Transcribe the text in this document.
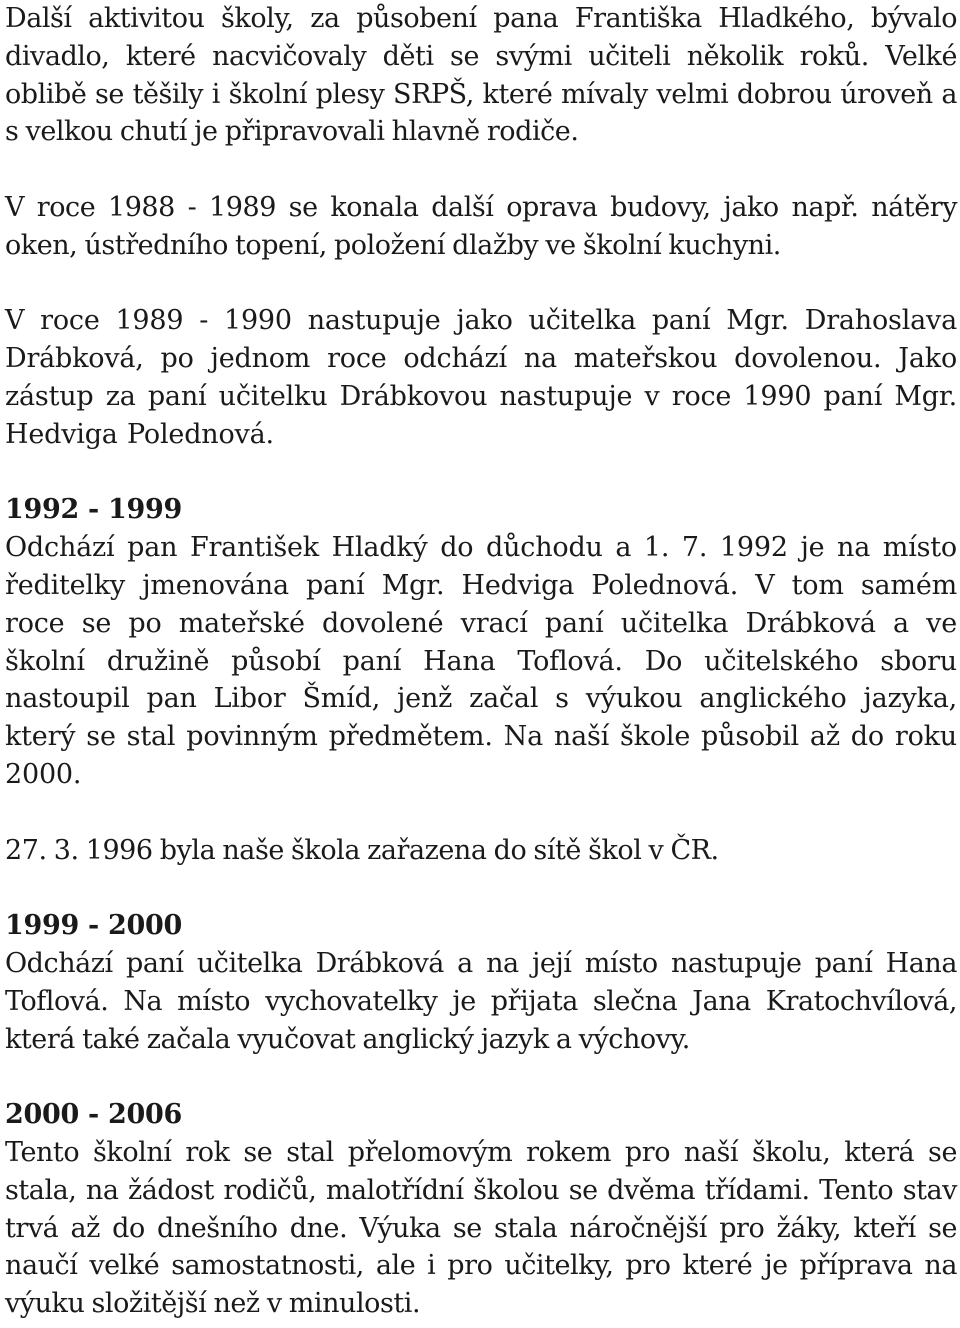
Další aktivitou školy, za působení pana Františka Hladkého, bývalo divadlo, které nacvičovaly děti se svými učiteli několik roků. Velké oblibě se těšily i školní plesy SRPŠ, které mívaly velmi dobrou úroveň a s velkou chutí je připravovali hlavně rodiče.

V roce 1988 - 1989 se konala další oprava budovy, jako např. nátěry oken, ústředního topení, položení dlažby ve školní kuchyni.

V roce 1989 - 1990 nastupuje jako učitelka paní Mgr. Drahoslava Drábková, po jednom roce odchází na mateřskou dovolenou. Jako zástup za paní učitelku Drábkovou nastupuje v roce 1990 paní Mgr. Hedviga Polednová.

1992 - 1999

Odchází pan František Hladký do důchodu a 1. 7. 1992 je na místo ředitelky jmenována paní Mgr. Hedviga Polednová. V tom samém roce se po mateřské dovolené vrací paní učitelka Drábková a ve školní družině působí paní Hana Toflová. Do učitelského sboru nastoupil pan Libor Šmíd, jenž začal s výukou anglického jazyka, který se stal povinným předmětem. Na naší škole působil až do roku 2000.

27. 3. 1996 byla naše škola zařazena do sítě škol v ČR.

1999 - 2000

Odchází paní učitelka Drábková a na její místo nastupuje paní Hana Toflová. Na místo vychovatelky je přijata slečna Jana Kratochvílová, která také začala vyučovat anglický jazyk a výchovy.

2000 - 2006

Tento školní rok se stal přelomovým rokem pro naší školu, která se stala, na žádost rodičů, malotřídní školou se dvěma třídami. Tento stav trvá až do dnešního dne. Výuka se stala náročnější pro žáky, kteří se naučí velké samostatnosti, ale i pro učitelky, pro které je příprava na výuku složitější než v minulosti.
